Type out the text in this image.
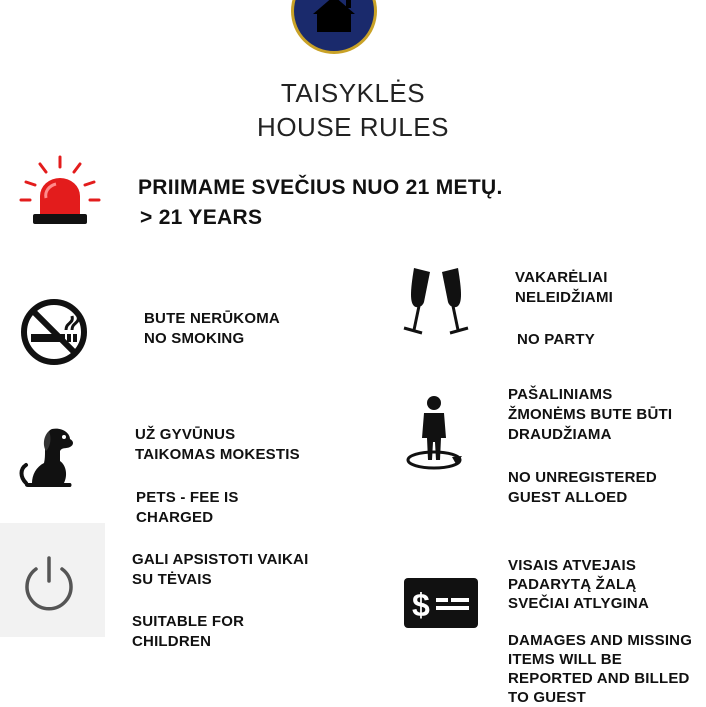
TAISYKLĖS
HOUSE RULES
PRIIMAME SVEČIUS NUO 21 METŲ.
> 21 YEARS
BUTE NERŪKOMA
NO SMOKING
VAKARĖLIAI
NELEIDŽIAMI
NO PARTY
PAŠALINIAMS
ŽMONĖMS BUTE BŪTI
DRAUDŽIAMA
NO UNREGISTERED
GUEST ALLOED
UŽ GYVŪNUS
TAIKOMAS MOKESTIS
PETS - FEE IS
CHARGED
GALI APSISTOTI VAIKAI
SU TĖVAIS
SUITABLE FOR
CHILDREN
$
VISAIS ATVEJAIS
PADARYTĄ ŽALĄ
SVEČIAI ATLYGINA
DAMAGES AND MISSING
ITEMS WILL BE
REPORTED AND BILLED
TO GUEST
